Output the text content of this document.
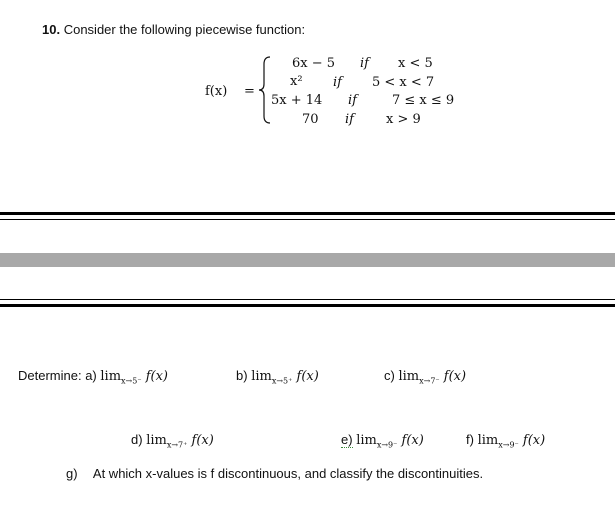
10. Consider the following piecewise function:
f(x) =
6x − 5 if x < 5
x² if 5 < x < 7
5x + 14 if	7 ≤ x ≤ 9
70 if x > 9
Determine: a) $\lim_{x\to 5^-} f(x)$	b) $\lim_{x\to 5^+} f(x)$	c) $\lim_{x\to 7^-} f(x)$
d) $\lim_{x\to 7^+} f(x)$	e) $\lim_{x\to 9^-} f(x)$	f) $\lim_{x\to 9^-} f(x)$
g) At which x-values is f discontinuous, and classify the discontinuities.
